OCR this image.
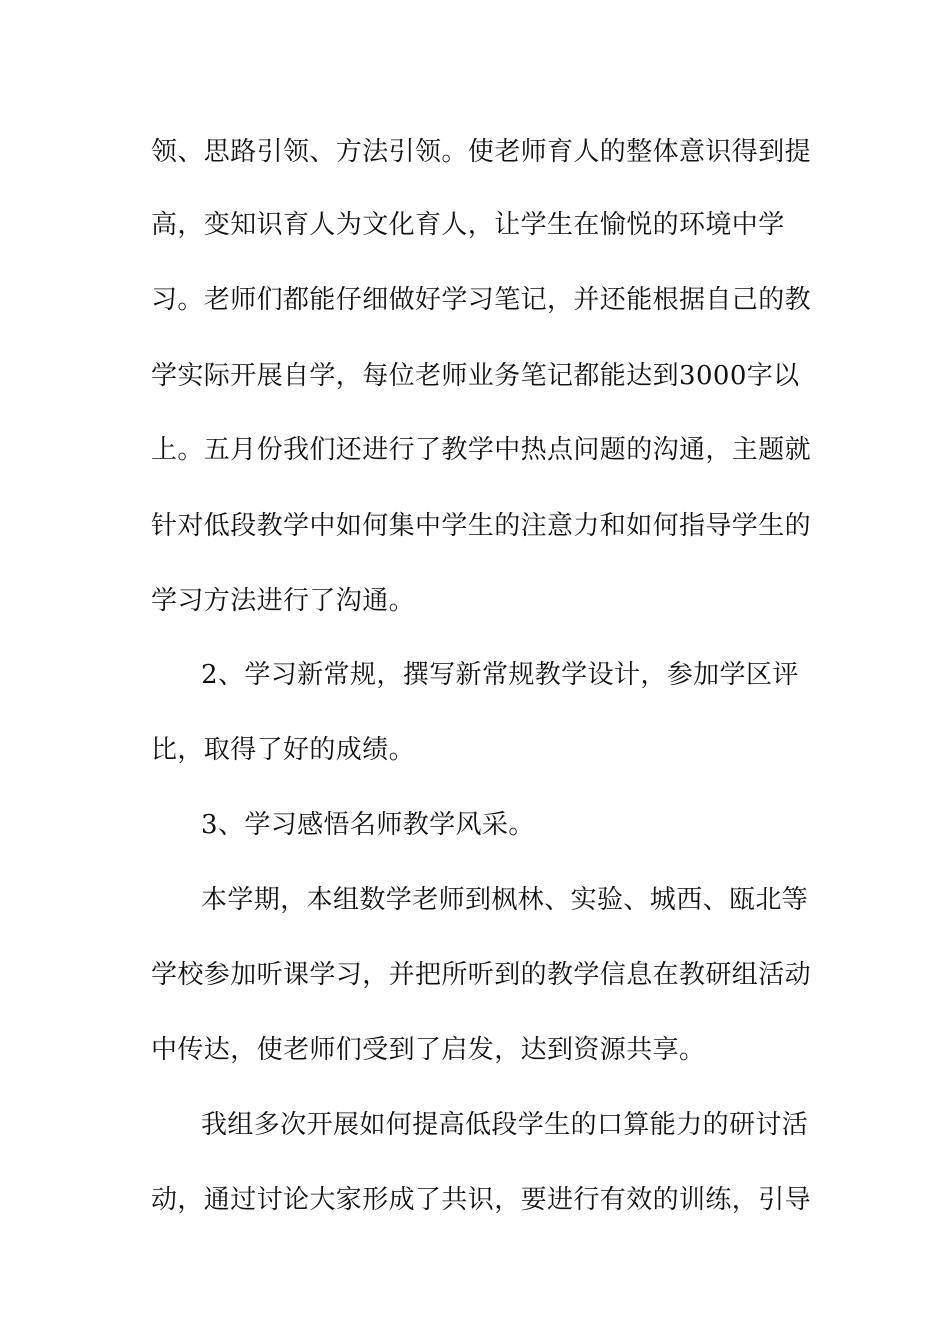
领、思路引领、方法引领。使老师育人的整体意识得到提
高，变知识育人为文化育人，让学生在愉悦的环境中学
习。老师们都能仔细做好学习笔记，并还能根据自己的教
学实际开展自学，每位老师业务笔记都能达到3000字以
上。五月份我们还进行了教学中热点问题的沟通，主题就
针对低段教学中如何集中学生的注意力和如何指导学生的
学习方法进行了沟通。
2、学习新常规，撰写新常规教学设计，参加学区评
比，取得了好的成绩。
3、学习感悟名师教学风采。
本学期，本组数学老师到枫林、实验、城西、瓯北等
学校参加听课学习，并把所听到的教学信息在教研组活动
中传达，使老师们受到了启发，达到资源共享。
我组多次开展如何提高低段学生的口算能力的研讨活
动，通过讨论大家形成了共识，要进行有效的训练，引导
